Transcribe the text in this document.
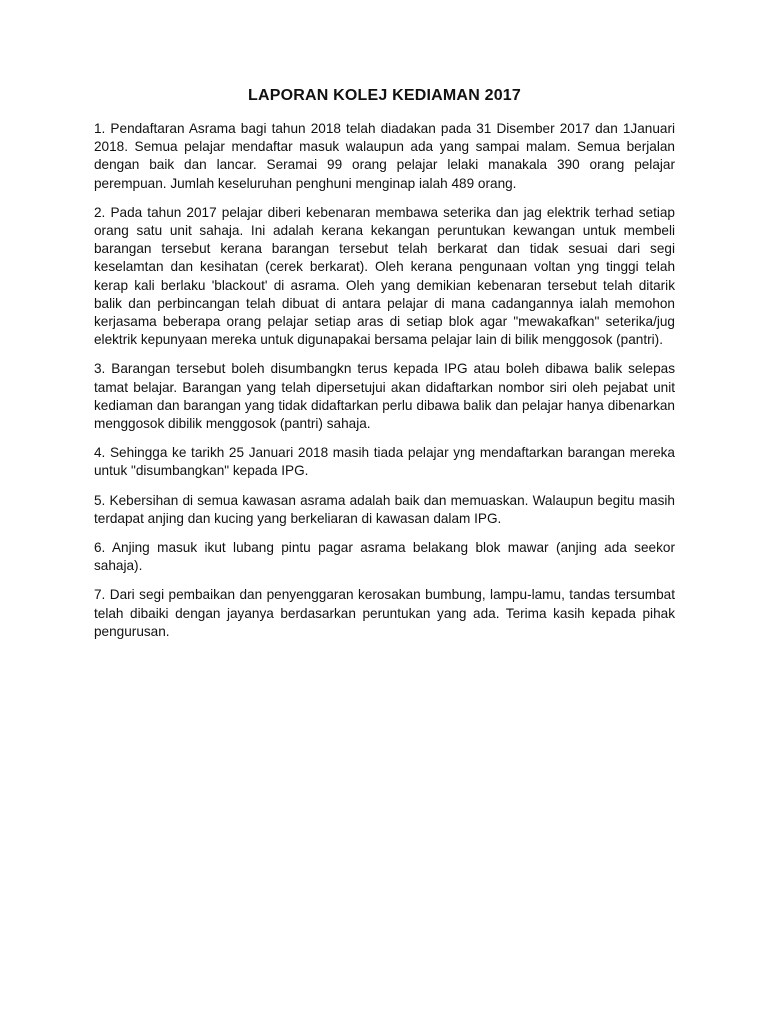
LAPORAN KOLEJ KEDIAMAN 2017

1. Pendaftaran Asrama bagi tahun 2018 telah diadakan pada 31 Disember 2017 dan 1Januari 2018. Semua pelajar mendaftar masuk walaupun ada yang sampai malam. Semua berjalan dengan baik dan lancar. Seramai 99 orang pelajar lelaki manakala 390 orang pelajar perempuan. Jumlah keseluruhan penghuni menginap ialah 489 orang.

2. Pada tahun 2017 pelajar diberi kebenaran membawa seterika dan jag elektrik terhad setiap orang satu unit sahaja. Ini adalah kerana kekangan peruntukan kewangan untuk membeli barangan tersebut kerana barangan tersebut telah berkarat dan tidak sesuai dari segi keselamtan dan kesihatan (cerek berkarat). Oleh kerana pengunaan voltan yng tinggi telah kerap kali berlaku 'blackout' di asrama. Oleh yang demikian kebenaran tersebut telah ditarik balik dan perbincangan telah dibuat di antara pelajar di mana cadangannya ialah memohon kerjasama beberapa orang pelajar setiap aras di setiap blok agar "mewakafkan" seterika/jug elektrik kepunyaan mereka untuk digunapakai bersama pelajar lain di bilik menggosok (pantri).

3. Barangan tersebut boleh disumbangkn terus kepada IPG atau boleh dibawa balik selepas tamat belajar. Barangan yang telah dipersetujui akan didaftarkan nombor siri oleh pejabat unit kediaman dan barangan yang tidak didaftarkan perlu dibawa balik dan pelajar hanya dibenarkan menggosok dibilik menggosok (pantri) sahaja.

4. Sehingga ke tarikh 25 Januari 2018 masih tiada pelajar yng mendaftarkan barangan mereka untuk "disumbangkan" kepada IPG.

5. Kebersihan di semua kawasan asrama adalah baik dan memuaskan. Walaupun begitu masih terdapat anjing dan kucing yang berkeliaran di kawasan dalam IPG.

6. Anjing masuk ikut lubang pintu pagar asrama belakang blok mawar (anjing ada seekor sahaja).

7. Dari segi pembaikan dan penyenggaran kerosakan bumbung, lampu-lamu, tandas tersumbat telah dibaiki dengan jayanya berdasarkan peruntukan yang ada. Terima kasih kepada pihak pengurusan.
